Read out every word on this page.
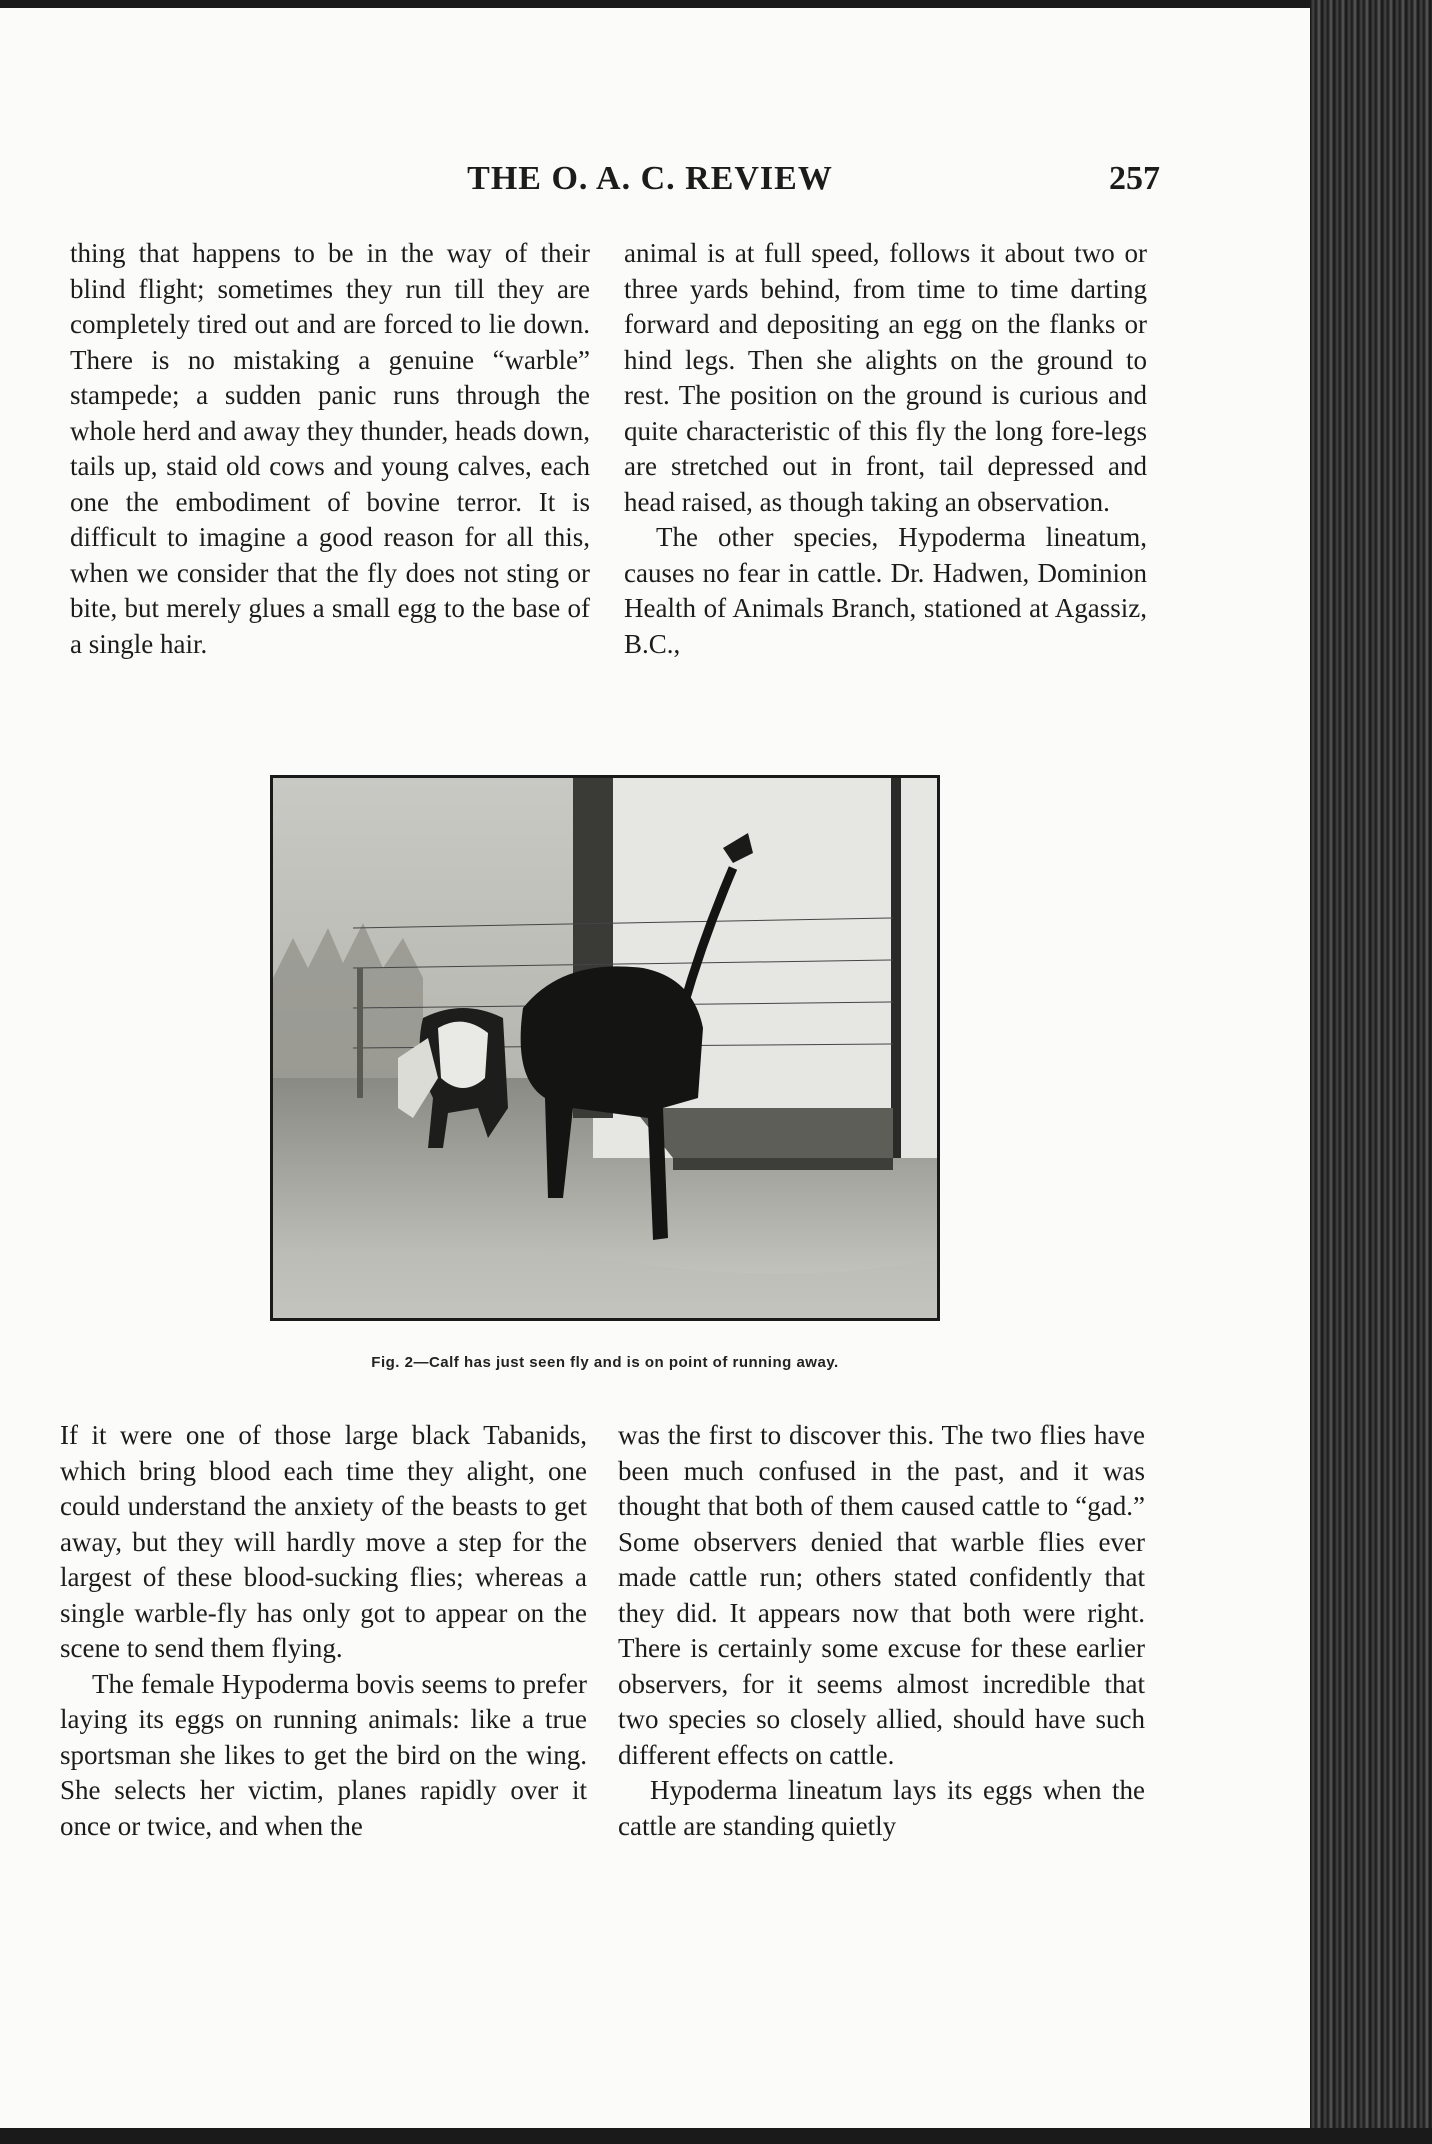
THE O. A. C. REVIEW	257

thing that happens to be in the way of their blind flight; sometimes they run till they are completely tired out and are forced to lie down. There is no mistaking a genuine “warble” stampede; a sudden panic runs through the whole herd and away they thunder, heads down, tails up, staid old cows and young calves, each one the embodiment of bovine terror. It is difficult to imagine a good reason for all this, when we consider that the fly does not sting or bite, but merely glues a small egg to the base of a single hair.

animal is at full speed, follows it about two or three yards behind, from time to time darting forward and depositing an egg on the flanks or hind legs. Then she alights on the ground to rest. The position on the ground is curious and quite characteristic of this fly the long fore-legs are stretched out in front, tail depressed and head raised, as though taking an observation.

The other species, Hypoderma lineatum, causes no fear in cattle. Dr. Hadwen, Dominion Health of Animals Branch, stationed at Agassiz, B.C.,

Fig. 2—Calf has just seen fly and is on point of running away.

If it were one of those large black Tabanids, which bring blood each time they alight, one could understand the anxiety of the beasts to get away, but they will hardly move a step for the largest of these blood-sucking flies; whereas a single warble-fly has only got to appear on the scene to send them flying.

The female Hypoderma bovis seems to prefer laying its eggs on running animals: like a true sportsman she likes to get the bird on the wing. She selects her victim, planes rapidly over it once or twice, and when the

was the first to discover this. The two flies have been much confused in the past, and it was thought that both of them caused cattle to “gad.” Some observers denied that warble flies ever made cattle run; others stated confidently that they did. It appears now that both were right. There is certainly some excuse for these earlier observers, for it seems almost incredible that two species so closely allied, should have such different effects on cattle.

Hypoderma lineatum lays its eggs when the cattle are standing quietly
